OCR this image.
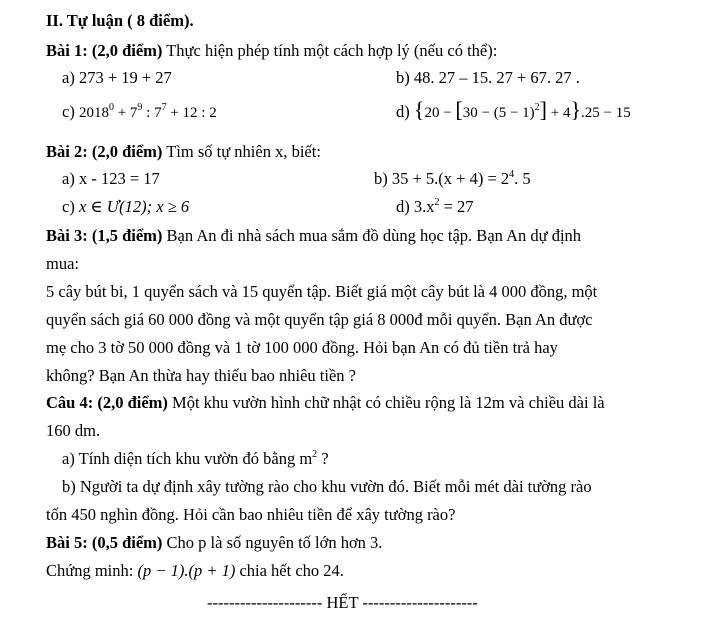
II. Tự luận ( 8 điểm).
Bài 1: (2,0 điểm) Thực hiện phép tính một cách hợp lý (nếu có thể):
a) 273 + 19 + 27	b) 48. 27 – 15. 27 + 67. 27 .
c) $2018^0 + 7^9$ : $7^7 + 12$ : 2	d) $\{20 - [30 - (5 - 1)^2] + 4\}.25 - 15$
Bài 2: (2,0 điểm) Tìm số tự nhiên x, biết:
a) x - 123 = 17	b) $35 + 5.(x + 4) = 2^4$. 5
c) x ∈ Ư(12); x ≥ 6	d) $3.x^2 = 27$
Bài 3: (1,5 điểm) Bạn An đi nhà sách mua sắm đồ dùng học tập. Bạn An dự định
mua:
5 cây bút bi, 1 quyển sách và 15 quyển tập. Biết giá một cây bút là 4 000 đồng, một
quyển sách giá 60 000 đồng và một quyển tập giá 8 000đ mỗi quyển. Bạn An được
mẹ cho 3 tờ 50 000 đồng và 1 tờ 100 000 đồng. Hỏi bạn An có đủ tiền trả hay
không? Bạn An thừa hay thiếu bao nhiêu tiền ?
Câu 4: (2,0 điểm) Một khu vườn hình chữ nhật có chiều rộng là 12m và chiều dài là
160 dm.
a) Tính diện tích khu vườn đó bằng $m^2$ ?
b) Người ta dự định xây tường rào cho khu vườn đó. Biết mỗi mét dài tường rào
tốn 450 nghìn đồng. Hỏi cần bao nhiêu tiền để xây tường rào?
Bài 5: (0,5 điểm) Cho p là số nguyên tố lớn hơn 3.
Chứng minh: (p − 1).(p + 1) chia hết cho 24.
--------------------- HẾT ---------------------
